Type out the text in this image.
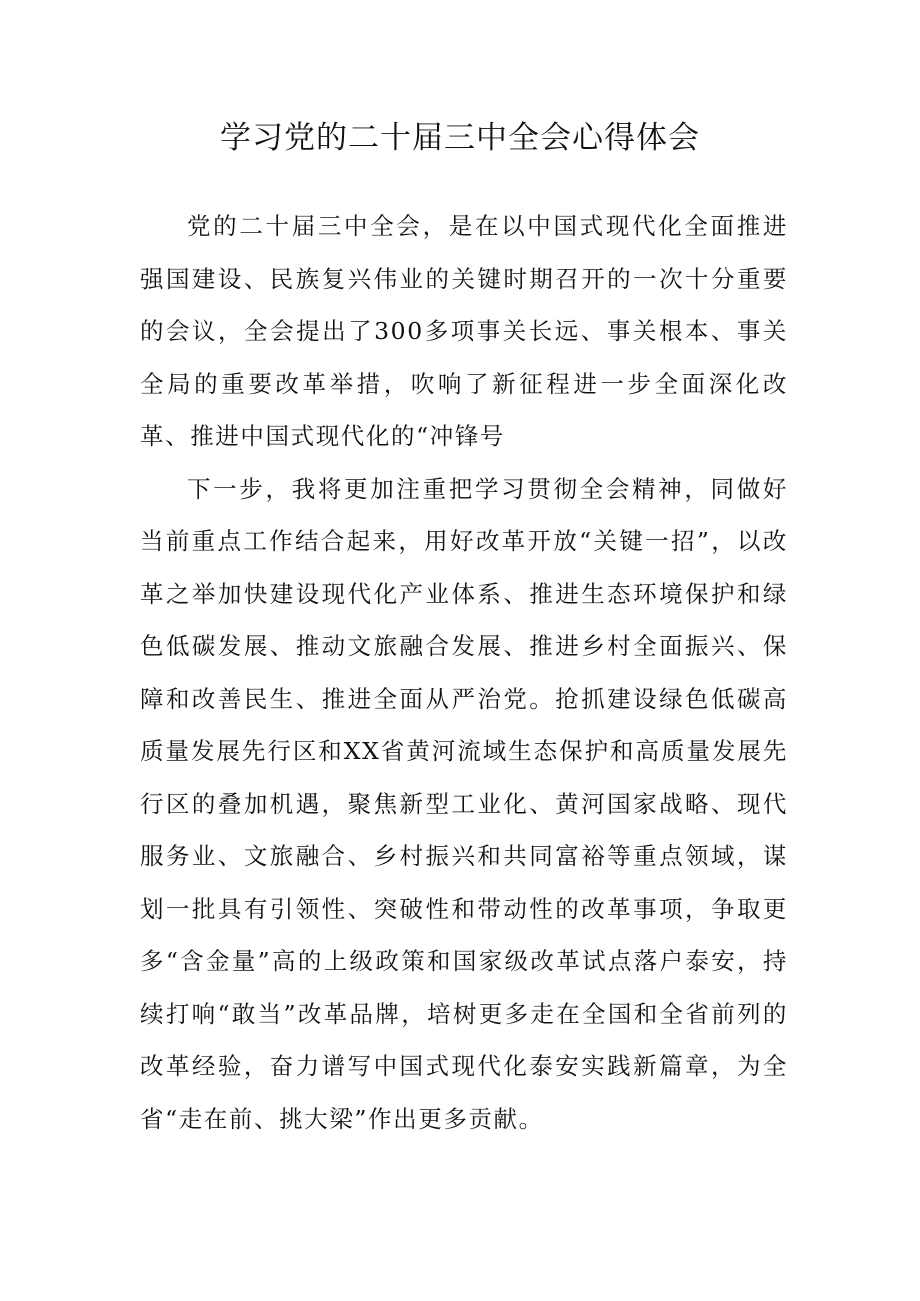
学习党的二十届三中全会心得体会

党的二十届三中全会，是在以中国式现代化全面推进强国建设、民族复兴伟业的关键时期召开的一次十分重要的会议，全会提出了300多项事关长远、事关根本、事关全局的重要改革举措，吹响了新征程进一步全面深化改革、推进中国式现代化的“冲锋号

下一步，我将更加注重把学习贯彻全会精神，同做好当前重点工作结合起来，用好改革开放“关键一招”，以改革之举加快建设现代化产业体系、推进生态环境保护和绿色低碳发展、推动文旅融合发展、推进乡村全面振兴、保障和改善民生、推进全面从严治党。抢抓建设绿色低碳高质量发展先行区和XX省黄河流域生态保护和高质量发展先行区的叠加机遇，聚焦新型工业化、黄河国家战略、现代服务业、文旅融合、乡村振兴和共同富裕等重点领域，谋划一批具有引领性、突破性和带动性的改革事项，争取更多“含金量”高的上级政策和国家级改革试点落户泰安，持续打响“敢当”改革品牌，培树更多走在全国和全省前列的改革经验，奋力谱写中国式现代化泰安实践新篇章，为全省“走在前、挑大梁”作出更多贡献。
